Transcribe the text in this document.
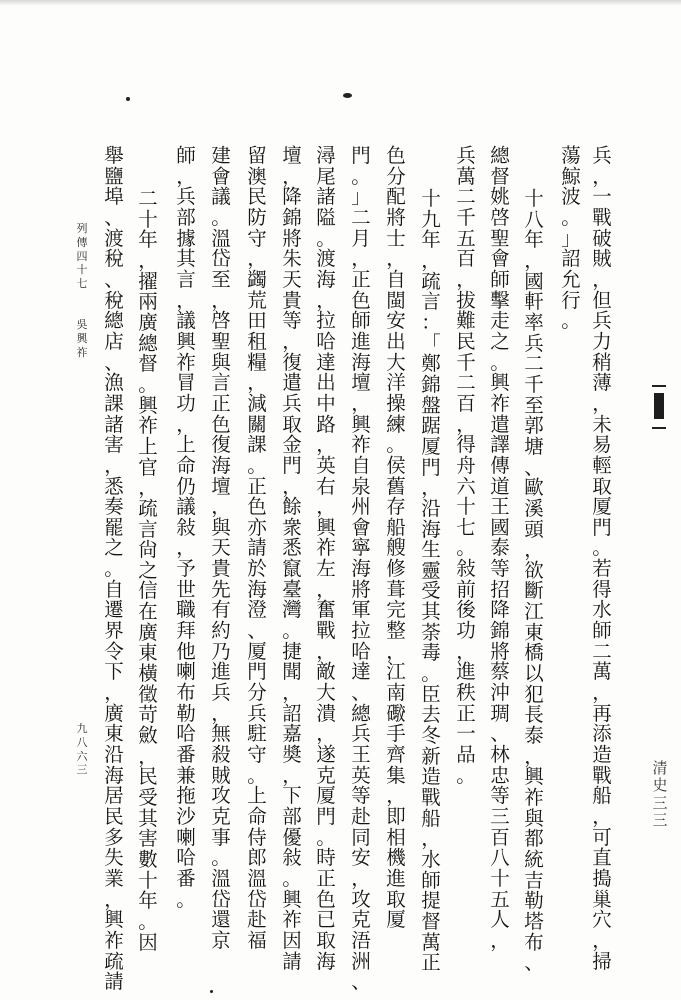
兵
，
一
戰
破
賊
，
但
兵
力
稍
薄
，
未
易
輕
取
厦
門
。
若
得
水
師
二
萬
，
再
添
造
戰
船
，
可
直
搗
巢
穴
，
掃
蕩
鯨
波
。
」
詔
允
行
。
十
八
年
，
國
軒
率
兵
二
千
至
郭
塘
、
歐
溪
頭
，
欲
斷
江
東
橋
以
犯
長
泰
，
興
祚
與
都
統
吉
勒
塔
布
、
總
督
姚
啓
聖
會
師
擊
走
之
。
興
祚
遣
譯
傳
道
王
國
泰
等
招
降
錦
將
蔡
沖
琱
、
林
忠
等
三
百
八
十
五
人
，
兵
萬
二
千
五
百
，
拔
難
民
千
二
百
，
得
舟
六
十
七
。
敍
前
後
功
，
進
秩
正
一
品
。
十
九
年
，
疏
言
：
「
鄭
錦
盤
踞
厦
門
，
沿
海
生
靈
受
其
荼
毒
。
臣
去
冬
新
造
戰
船
，
水
師
提
督
萬
正
色
分
配
將
士
，
自
閩
安
出
大
洋
操
練
。
侯
舊
存
船
艘
修
葺
完
整
，
江
南
礮
手
齊
集
，
即
相
機
進
取
厦
門
。
」
二
月
，
正
色
師
進
海
壇
，
興
祚
自
泉
州
會
寧
海
將
軍
拉
哈
達
、
總
兵
王
英
等
赴
同
安
，
攻
克
浯
洲
、
潯
尾
諸
隘
。
渡
海
，
拉
哈
達
出
中
路
，
英
右
，
興
祚
左
，
奮
戰
，
敵
大
潰
，
遂
克
厦
門
。
時
正
色
已
取
海
壇
，
降
錦
將
朱
天
貴
等
，
復
遣
兵
取
金
門
，
餘
衆
悉
竄
臺
灣
。
捷
聞
，
詔
嘉
奬
，
下
部
優
敍
。
興
祚
因
請
留
澳
民
防
守
，
蠲
荒
田
租
糧
，
減
關
課
。
正
色
亦
請
於
海
澄
、
厦
門
分
兵
駐
守
。
上
命
侍
郎
溫
岱
赴
福
建
會
議
。
溫
岱
至
，
啓
聖
與
言
正
色
復
海
壇
，
與
天
貴
先
有
約
乃
進
兵
，
無
殺
賊
攻
克
事
。
溫
岱
還
京
師
，
兵
部
據
其
言
，
議
興
祚
冒
功
，
上
命
仍
議
敍
，
予
世
職
拜
他
喇
布
勒
哈
番
兼
拖
沙
喇
哈
番
。
二
十
年
，
擢
兩
廣
總
督
。
興
祚
上
官
，
疏
言
尙
之
信
在
廣
東
橫
徵
苛
斂
，
民
受
其
害
數
十
年
。
因
舉
鹽
埠
、
渡
稅
、
稅
總
店
、
漁
課
諸
害
，
悉
奏
罷
之
。
自
遷
界
令
下
，
廣
東
沿
海
居
民
多
失
業
，
興
祚
疏
請
列
傳
四
十
七
吳
興
祚
九
八
六
三	清
史
三
三
